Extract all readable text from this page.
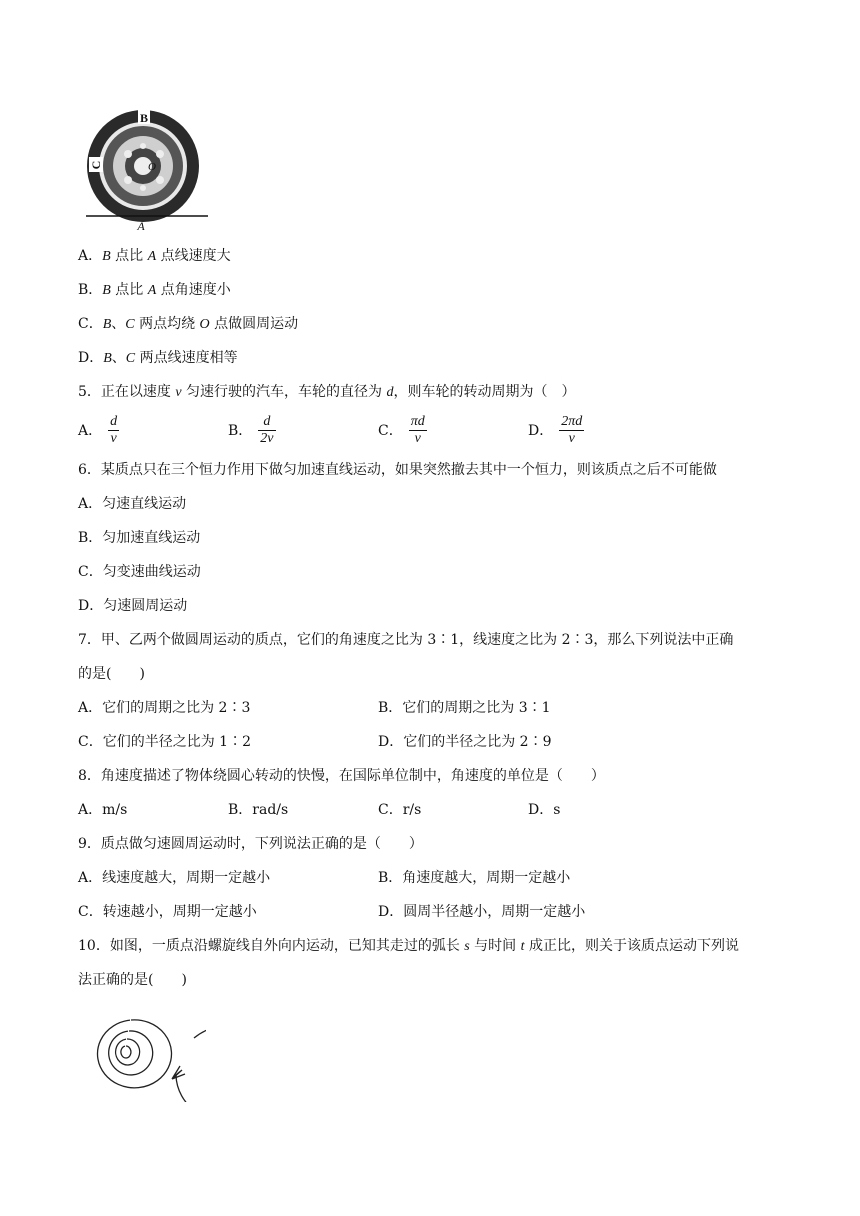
B
C	O
A
A．B 点比 A 点线速度大
B．B 点比 A 点角速度小
C．B、C 两点均绕 O 点做圆周运动
D．B、C 两点线速度相等
5．正在以速度 v 匀速行驶的汽车，车轮的直径为 d，则车轮的转动周期为（　）
A． $\frac{d}{v}$	B． $\frac{d}{2v}$	C． $\frac{\pi d}{v}$	D． $\frac{2\pi d}{v}$
6．某质点只在三个恒力作用下做匀加速直线运动，如果突然撤去其中一个恒力，则该质点之后不可能做
A．匀速直线运动
B．匀加速直线运动
C．匀变速曲线运动
D．匀速圆周运动
7．甲、乙两个做圆周运动的质点，它们的角速度之比为 3∶1，线速度之比为 2∶3，那么下列说法中正确
的是(　　)
A．它们的周期之比为 2∶3	B．它们的周期之比为 3∶1
C．它们的半径之比为 1∶2	D．它们的半径之比为 2∶9
8．角速度描述了物体绕圆心转动的快慢，在国际单位制中，角速度的单位是（　　）
A．m/s	B．rad/s	C．r/s	D．s
9．质点做匀速圆周运动时，下列说法正确的是（　　）
A．线速度越大，周期一定越小	B．角速度越大，周期一定越小
C．转速越小，周期一定越小	D．圆周半径越小，周期一定越小
10．如图，一质点沿螺旋线自外向内运动，已知其走过的弧长 s 与时间 t 成正比，则关于该质点运动下列说
法正确的是(　　)
